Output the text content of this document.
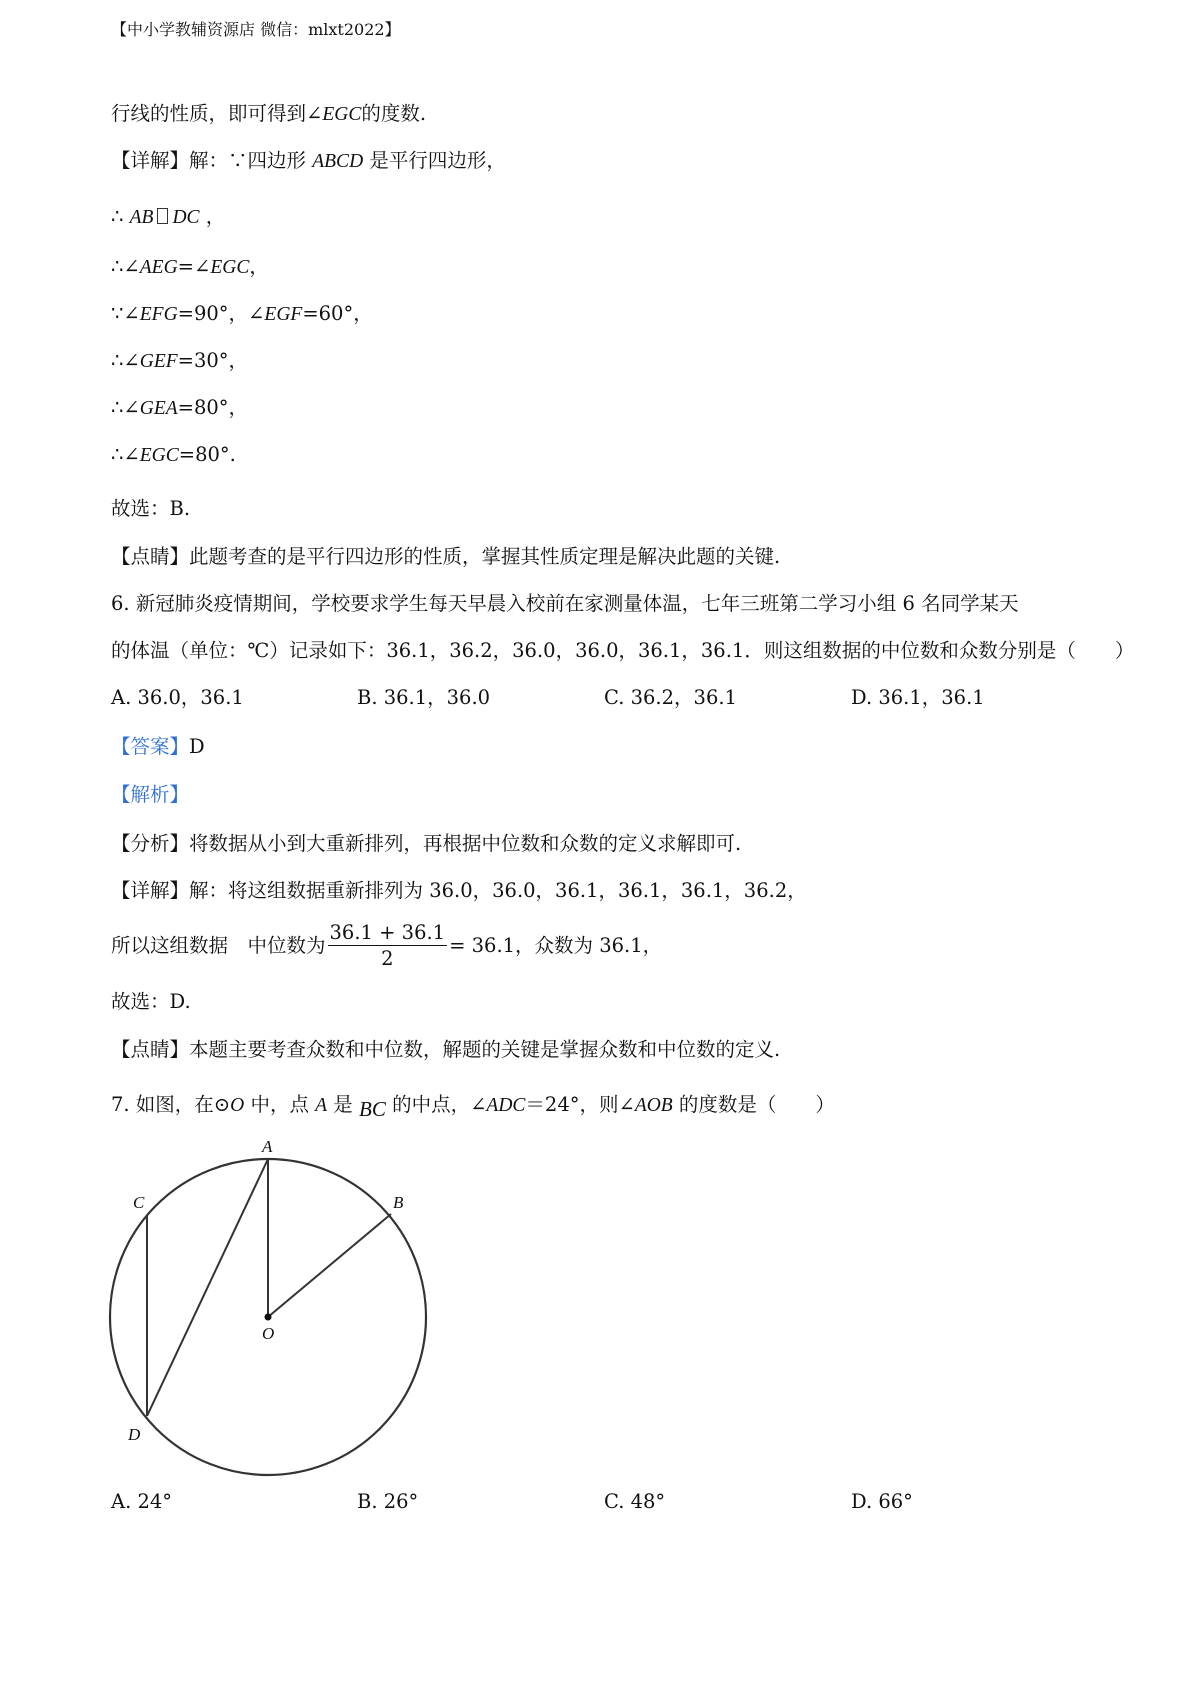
【中小学教辅资源店 微信：mlxt2022】
行线的性质，即可得到∠EGC的度数.
【详解】解：∵四边形 ABCD 是平行四边形，
∴ AB DC ，
∴∠AEG=∠EGC，
∵∠EFG=90°，∠EGF=60°，
∴∠GEF=30°，
∴∠GEA=80°，
∴∠EGC=80°.
故选：B.
【点睛】此题考查的是平行四边形的性质，掌握其性质定理是解决此题的关键.
6. 新冠肺炎疫情期间，学校要求学生每天早晨入校前在家测量体温，七年三班第二学习小组 6 名同学某天
的体温（单位：℃）记录如下：36.1，36.2，36.0，36.0，36.1，36.1．则这组数据的中位数和众数分别是（　　）
A. 36.0，36.1	B. 36.1，36.0	C. 36.2，36.1	D. 36.1，36.1
【答案】D
【解析】
【分析】将数据从小到大重新排列，再根据中位数和众数的定义求解即可.
【详解】解：将这组数据重新排列为 36.0，36.0，36.1，36.1，36.1，36.2，
所以这组数据　中位数为 $\frac{36.1 + 36.1}{2} = 36.1$，众数为 36.1，
故选：D.
【点睛】本题主要考查众数和中位数，解题的关键是掌握众数和中位数的定义.
7. 如图，在⊙O 中，点 A 是 BC 的中点，∠ADC＝24°，则∠AOB 的度数是（　　）
A
B
C
D
O
A. 24°	B. 26°	C. 48°	D. 66°
